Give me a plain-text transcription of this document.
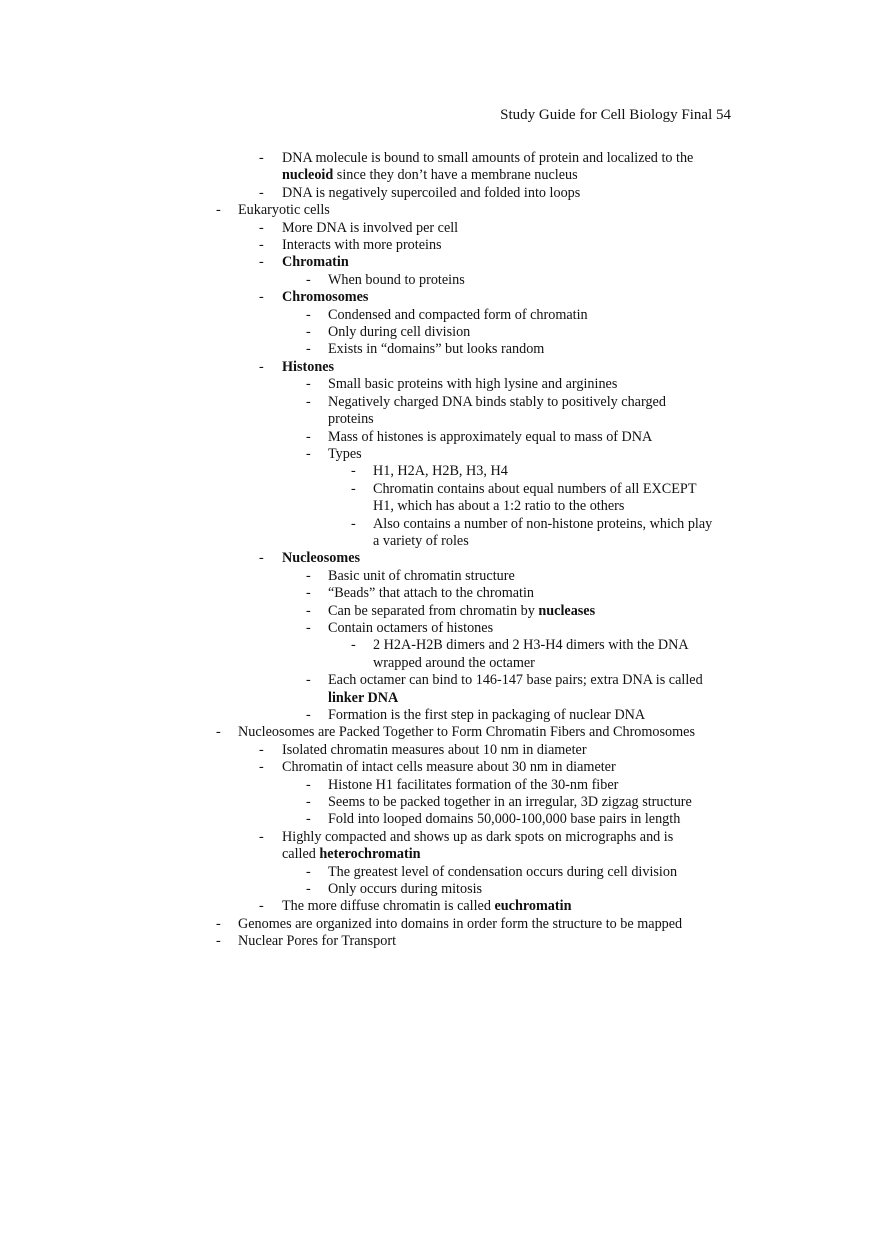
Study Guide for Cell Biology Final 54
- DNA molecule is bound to small amounts of protein and localized to the
nucleoid since they don’t have a membrane nucleus
- DNA is negatively supercoiled and folded into loops
- Eukaryotic cells
- More DNA is involved per cell
- Interacts with more proteins
- Chromatin
- When bound to proteins
- Chromosomes
- Condensed and compacted form of chromatin
- Only during cell division
- Exists in “domains” but looks random
- Histones
- Small basic proteins with high lysine and arginines
- Negatively charged DNA binds stably to positively charged
proteins
- Mass of histones is approximately equal to mass of DNA
- Types
- H1, H2A, H2B, H3, H4
- Chromatin contains about equal numbers of all EXCEPT
H1, which has about a 1:2 ratio to the others
- Also contains a number of non-histone proteins, which play
a variety of roles
- Nucleosomes
- Basic unit of chromatin structure
- “Beads” that attach to the chromatin
- Can be separated from chromatin by nucleases
- Contain octamers of histones
- 2 H2A-H2B dimers and 2 H3-H4 dimers with the DNA
wrapped around the octamer
- Each octamer can bind to 146-147 base pairs; extra DNA is called
linker DNA
- Formation is the first step in packaging of nuclear DNA
- Nucleosomes are Packed Together to Form Chromatin Fibers and Chromosomes
- Isolated chromatin measures about 10 nm in diameter
- Chromatin of intact cells measure about 30 nm in diameter
- Histone H1 facilitates formation of the 30-nm fiber
- Seems to be packed together in an irregular, 3D zigzag structure
- Fold into looped domains 50,000-100,000 base pairs in length
- Highly compacted and shows up as dark spots on micrographs and is
called heterochromatin
- The greatest level of condensation occurs during cell division
- Only occurs during mitosis
- The more diffuse chromatin is called euchromatin
- Genomes are organized into domains in order form the structure to be mapped
- Nuclear Pores for Transport
